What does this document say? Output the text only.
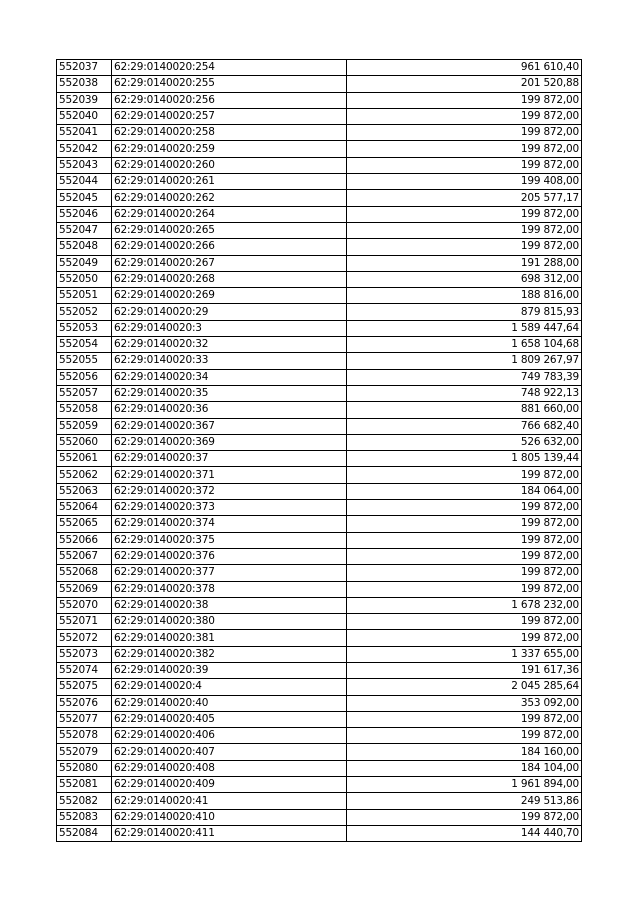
552037	62:29:0140020:254	961 610,40
552038	62:29:0140020:255	201 520,88
552039	62:29:0140020:256	199 872,00
552040	62:29:0140020:257	199 872,00
552041	62:29:0140020:258	199 872,00
552042	62:29:0140020:259	199 872,00
552043	62:29:0140020:260	199 872,00
552044	62:29:0140020:261	199 408,00
552045	62:29:0140020:262	205 577,17
552046	62:29:0140020:264	199 872,00
552047	62:29:0140020:265	199 872,00
552048	62:29:0140020:266	199 872,00
552049	62:29:0140020:267	191 288,00
552050	62:29:0140020:268	698 312,00
552051	62:29:0140020:269	188 816,00
552052	62:29:0140020:29	879 815,93
552053	62:29:0140020:3	1 589 447,64
552054	62:29:0140020:32	1 658 104,68
552055	62:29:0140020:33	1 809 267,97
552056	62:29:0140020:34	749 783,39
552057	62:29:0140020:35	748 922,13
552058	62:29:0140020:36	881 660,00
552059	62:29:0140020:367	766 682,40
552060	62:29:0140020:369	526 632,00
552061	62:29:0140020:37	1 805 139,44
552062	62:29:0140020:371	199 872,00
552063	62:29:0140020:372	184 064,00
552064	62:29:0140020:373	199 872,00
552065	62:29:0140020:374	199 872,00
552066	62:29:0140020:375	199 872,00
552067	62:29:0140020:376	199 872,00
552068	62:29:0140020:377	199 872,00
552069	62:29:0140020:378	199 872,00
552070	62:29:0140020:38	1 678 232,00
552071	62:29:0140020:380	199 872,00
552072	62:29:0140020:381	199 872,00
552073	62:29:0140020:382	1 337 655,00
552074	62:29:0140020:39	191 617,36
552075	62:29:0140020:4	2 045 285,64
552076	62:29:0140020:40	353 092,00
552077	62:29:0140020:405	199 872,00
552078	62:29:0140020:406	199 872,00
552079	62:29:0140020:407	184 160,00
552080	62:29:0140020:408	184 104,00
552081	62:29:0140020:409	1 961 894,00
552082	62:29:0140020:41	249 513,86
552083	62:29:0140020:410	199 872,00
552084	62:29:0140020:411	144 440,70
